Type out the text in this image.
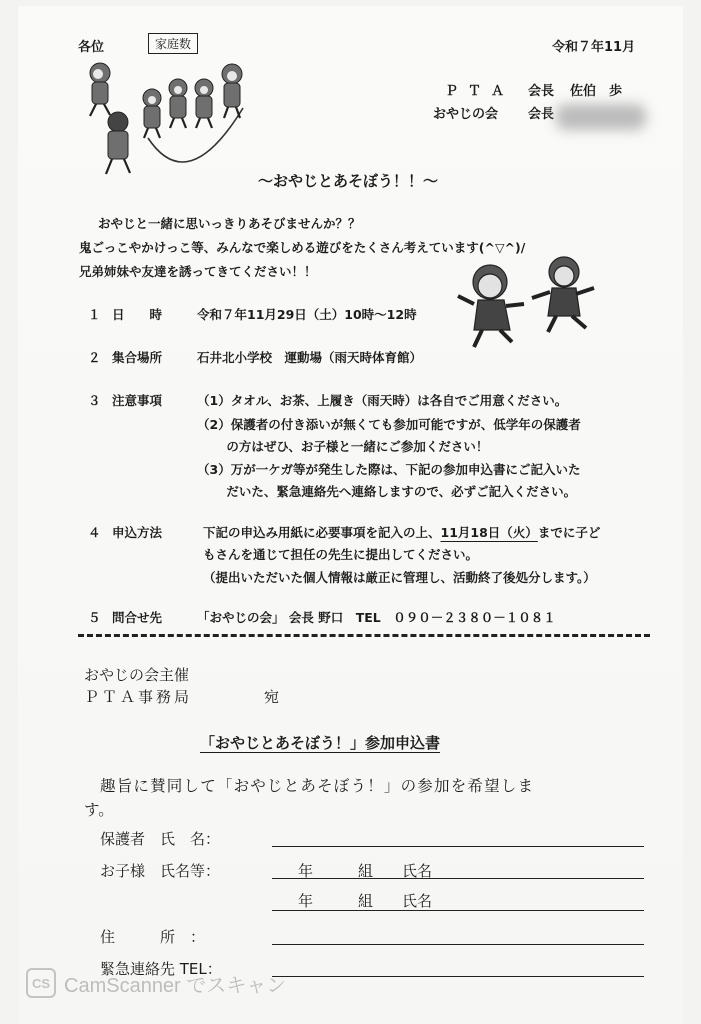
各位	家庭数	令和７年11月
ＰＴＡ 会長 佐伯　歩
おやじの会 会長
～おやじとあそぼう！！～
おやじと一緒に思いっきりあそびませんか？？
鬼ごっこやかけっこ等、みんなで楽しめる遊びをたくさん考えています(^▽^)/
兄弟姉妹や友達を誘ってきてください！！
１ 日　　時	令和７年11月29日（土）10時～12時
２ 集合場所	石井北小学校　運動場（雨天時体育館）
３ 注意事項	（1）タオル、お茶、上履き（雨天時）は各自でご用意ください。
（2）保護者の付き添いが無くても参加可能ですが、低学年の保護者
　　 の方はぜひ、お子様と一緒にご参加ください！
（3）万が一ケガ等が発生した際は、下記の参加申込書にご記入いた
　　 だいた、緊急連絡先へ連絡しますので、必ずご記入ください。
４ 申込方法	下記の申込み用紙に必要事項を記入の上、11月18日（火）までに子ど
もさんを通じて担任の先生に提出してください。
（提出いただいた個人情報は厳正に管理し、活動終了後処分します。）
５ 問合せ先	「おやじの会」 会長 野口　TEL　０９０－２３８０－１０８１
おやじの会主催
ＰＴＡ事務局	宛
「おやじとあそぼう！」参加申込書
趣旨に賛同して「おやじとあそぼう！」の参加を希望しま
す。
保護者　氏　名：
お子様　氏名等：	年	組 氏名
年	組 氏名
住　　　所　：
緊急連絡先 TEL：
CS CamScanner でスキャン
